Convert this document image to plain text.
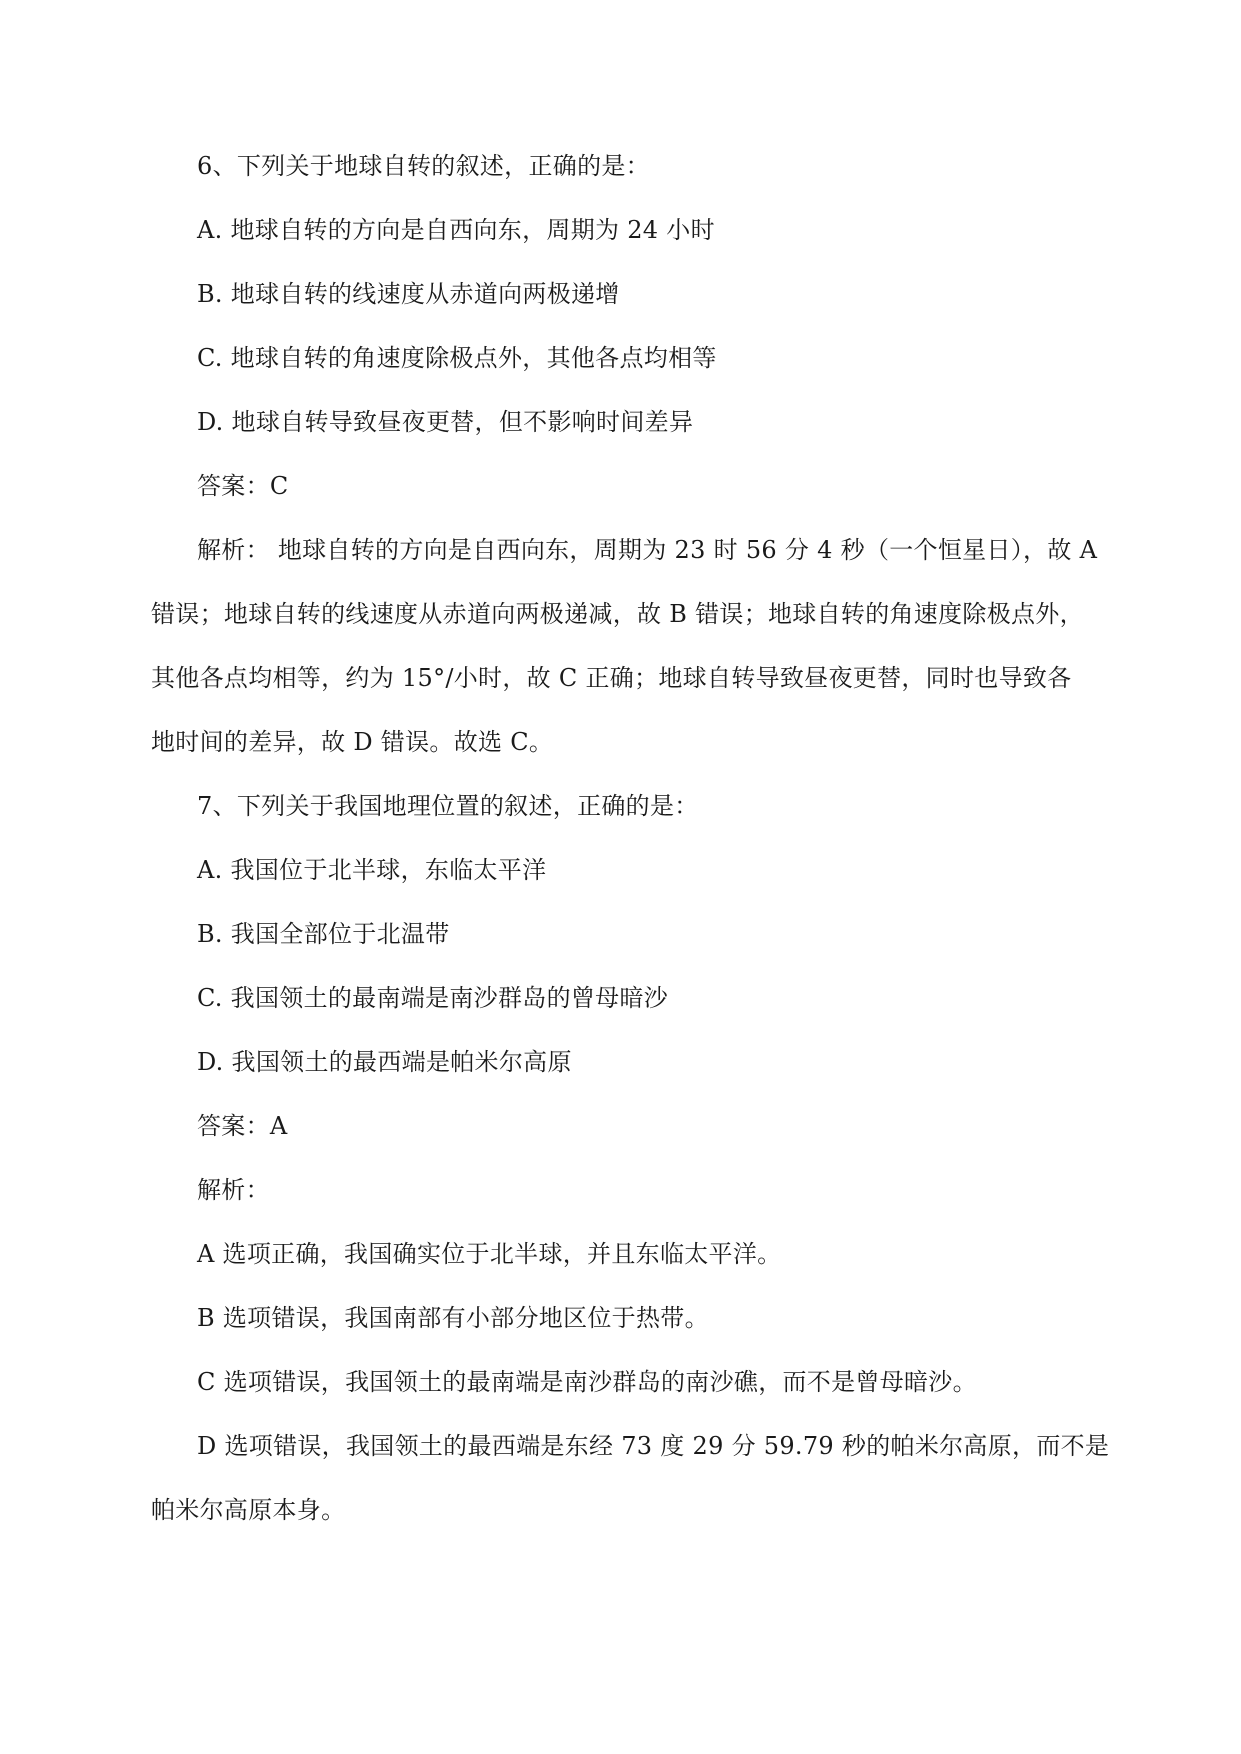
6、下列关于地球自转的叙述，正确的是：
A. 地球自转的方向是自西向东，周期为 24 小时
B. 地球自转的线速度从赤道向两极递增
C. 地球自转的角速度除极点外，其他各点均相等
D. 地球自转导致昼夜更替，但不影响时间差异
答案：C
解析： 地球自转的方向是自西向东，周期为 23 时 56 分 4 秒（一个恒星日），故 A
错误；地球自转的线速度从赤道向两极递减，故 B 错误；地球自转的角速度除极点外，
其他各点均相等，约为 15°/小时，故 C 正确；地球自转导致昼夜更替，同时也导致各
地时间的差异，故 D 错误。故选 C。
7、下列关于我国地理位置的叙述，正确的是：
A. 我国位于北半球，东临太平洋
B. 我国全部位于北温带
C. 我国领土的最南端是南沙群岛的曾母暗沙
D. 我国领土的最西端是帕米尔高原
答案：A
解析：
A 选项正确，我国确实位于北半球，并且东临太平洋。
B 选项错误，我国南部有小部分地区位于热带。
C 选项错误，我国领土的最南端是南沙群岛的南沙礁，而不是曾母暗沙。
D 选项错误，我国领土的最西端是东经 73 度 29 分 59.79 秒的帕米尔高原，而不是
帕米尔高原本身。
